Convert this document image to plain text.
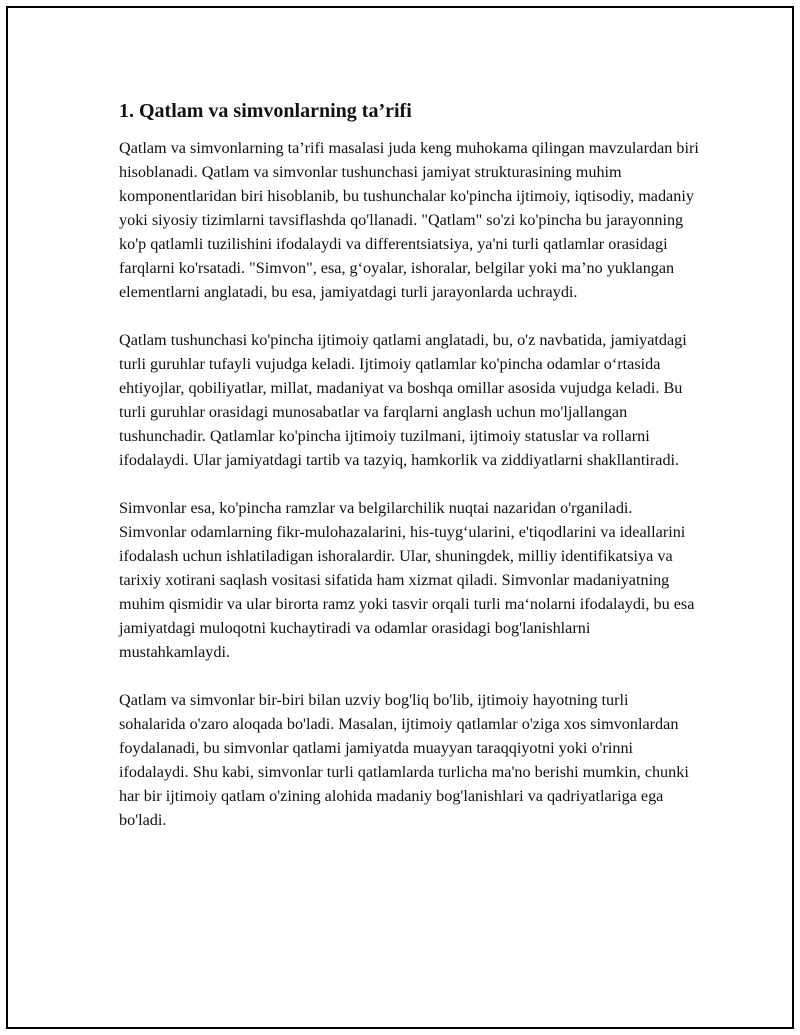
1. Qatlam va simvonlarning ta’rifi

Qatlam va simvonlarning ta’rifi masalasi juda keng muhokama qilingan mavzulardan biri hisoblanadi. Qatlam va simvonlar tushunchasi jamiyat strukturasining muhim komponentlaridan biri hisoblanib, bu tushunchalar ko'pincha ijtimoiy, iqtisodiy, madaniy yoki siyosiy tizimlarni tavsiflashda qo'llanadi. "Qatlam" so'zi ko'pincha bu jarayonning ko'p qatlamli tuzilishini ifodalaydi va differentsiatsiya, ya'ni turli qatlamlar orasidagi farqlarni ko'rsatadi. "Simvon", esa, g‘oyalar, ishoralar, belgilar yoki ma’no yuklangan elementlarni anglatadi, bu esa, jamiyatdagi turli jarayonlarda uchraydi.

Qatlam tushunchasi ko'pincha ijtimoiy qatlami anglatadi, bu, o'z navbatida, jamiyatdagi turli guruhlar tufayli vujudga keladi. Ijtimoiy qatlamlar ko'pincha odamlar o‘rtasida ehtiyojlar, qobiliyatlar, millat, madaniyat va boshqa omillar asosida vujudga keladi. Bu turli guruhlar orasidagi munosabatlar va farqlarni anglash uchun mo'ljallangan tushunchadir. Qatlamlar ko'pincha ijtimoiy tuzilmani, ijtimoiy statuslar va rollarni ifodalaydi. Ular jamiyatdagi tartib va tazyiq, hamkorlik va ziddiyatlarni shakllantiradi.

Simvonlar esa, ko'pincha ramzlar va belgilarchilik nuqtai nazaridan o'rganiladi. Simvonlar odamlarning fikr-mulohazalarini, his-tuyg‘ularini, e'tiqodlarini va ideallarini ifodalash uchun ishlatiladigan ishoralardir. Ular, shuningdek, milliy identifikatsiya va tarixiy xotirani saqlash vositasi sifatida ham xizmat qiladi. Simvonlar madaniyatning muhim qismidir va ular birorta ramz yoki tasvir orqali turli ma‘nolarni ifodalaydi, bu esa jamiyatdagi muloqotni kuchaytiradi va odamlar orasidagi bog'lanishlarni mustahkamlaydi.

Qatlam va simvonlar bir-biri bilan uzviy bog'liq bo'lib, ijtimoiy hayotning turli sohalarida o'zaro aloqada bo'ladi. Masalan, ijtimoiy qatlamlar o'ziga xos simvonlardan foydalanadi, bu simvonlar qatlami jamiyatda muayyan taraqqiyotni yoki o'rinni ifodalaydi. Shu kabi, simvonlar turli qatlamlarda turlicha ma'no berishi mumkin, chunki har bir ijtimoiy qatlam o'zining alohida madaniy bog'lanishlari va qadriyatlariga ega bo'ladi.
